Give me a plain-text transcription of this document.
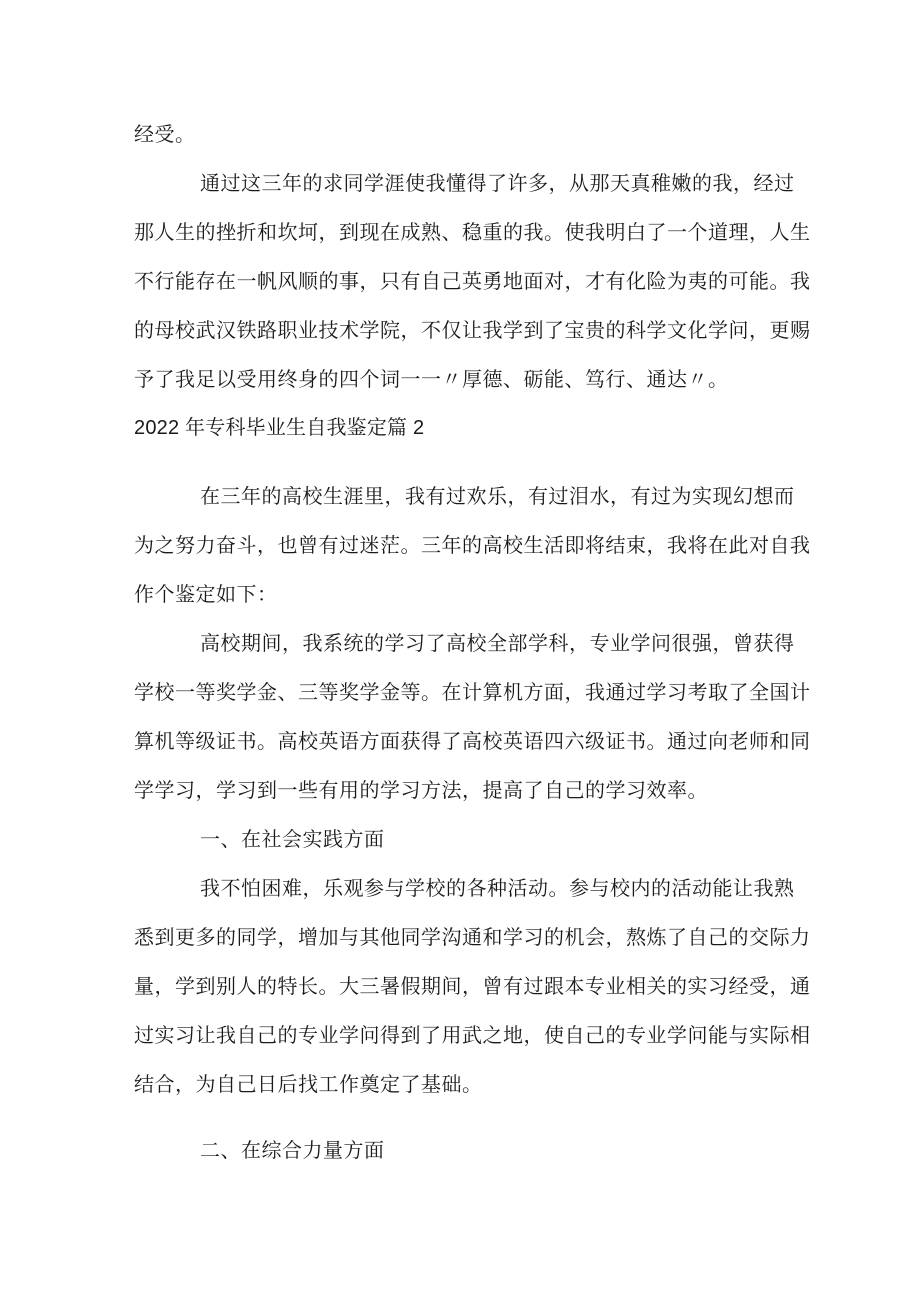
经受。
通过这三年的求同学涯使我懂得了许多，从那天真稚嫩的我，经过
那人生的挫折和坎坷，到现在成熟、稳重的我。使我明白了一个道理，人生
不行能存在一帆风顺的事，只有自己英勇地面对，才有化险为夷的可能。我
的母校武汉铁路职业技术学院，不仅让我学到了宝贵的科学文化学问，更赐
予了我足以受用终身的四个词一一〃厚德、砺能、笃行、通达〃。
2022 年专科毕业生自我鉴定篇 2
在三年的高校生涯里，我有过欢乐，有过泪水，有过为实现幻想而
为之努力奋斗，也曾有过迷茫。三年的高校生活即将结束，我将在此对自我
作个鉴定如下：
高校期间，我系统的学习了高校全部学科，专业学问很强，曾获得
学校一等奖学金、三等奖学金等。在计算机方面，我通过学习考取了全国计
算机等级证书。高校英语方面获得了高校英语四六级证书。通过向老师和同
学学习，学习到一些有用的学习方法，提高了自己的学习效率。
一、在社会实践方面
我不怕困难，乐观参与学校的各种活动。参与校内的活动能让我熟
悉到更多的同学，增加与其他同学沟通和学习的机会，熬炼了自己的交际力
量，学到别人的特长。大三暑假期间，曾有过跟本专业相关的实习经受，通
过实习让我自己的专业学问得到了用武之地，使自己的专业学问能与实际相
结合，为自己日后找工作奠定了基础。
二、在综合力量方面
